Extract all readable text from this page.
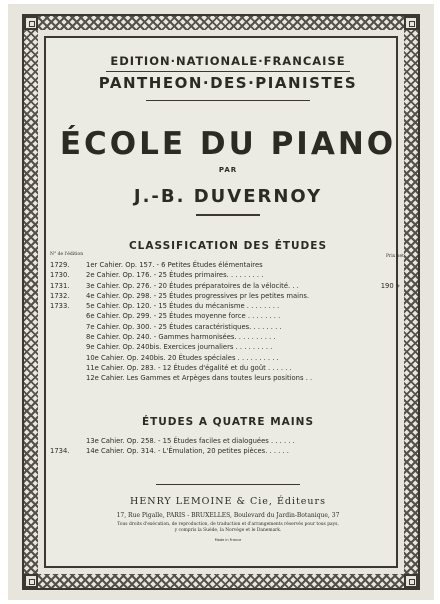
EDITION·NATIONALE·FRANCAISE
PANTHEON·DES·PIANISTES
ÉCOLE DU PIANO
PAR
J.-B. DUVERNOY
CLASSIFICATION DES ÉTUDES
N° de l'édition	Prix net
1729.	1er Cahier. Op. 157. - 6 Petites Études élémentaires
1730.	2e Cahier. Op. 176. - 25 Études primaires. . . . . . . . .
1731.	3e Cahier. Op. 276. - 20 Études préparatoires de la vélocité. . .	190 »
1732.	4e Cahier. Op. 298. - 25 Études progressives pr les petites mains.
1733.	5e Cahier. Op. 120. - 15 Études du mécanisme . . . . . . . .
6e Cahier. Op. 299. - 25 Études moyenne force . . . . . . . .
7e Cahier. Op. 300. - 25 Études caractéristiques. . . . . . . .
8e Cahier. Op. 240. - Gammes harmonisées. . . . . . . . . .
9e Cahier. Op. 240bis. Exercices journaliers . . . . . . . . .
10e Cahier. Op. 240bis. 20 Études spéciales . . . . . . . . . .
11e Cahier. Op. 283. - 12 Études d'égalité et du goût . . . . . .
12e Cahier. Les Gammes et Arpèges dans toutes leurs positions . .
ÉTUDES A QUATRE MAINS
13e Cahier. Op. 258. - 15 Études faciles et dialoguées . . . . . .
1734.	14e Cahier. Op. 314. - L'Émulation, 20 petites pièces. . . . . .
HENRY LEMOINE & Cie, Éditeurs
17, Rue Pigalle, PARIS - BRUXELLES, Boulevard du Jardin-Botanique, 37
Tous droits d'exécution, de reproduction, de traduction et d'arrangements réservés pour tous pays,
y compris la Suède, la Norvège et le Danemark.
Made in France
